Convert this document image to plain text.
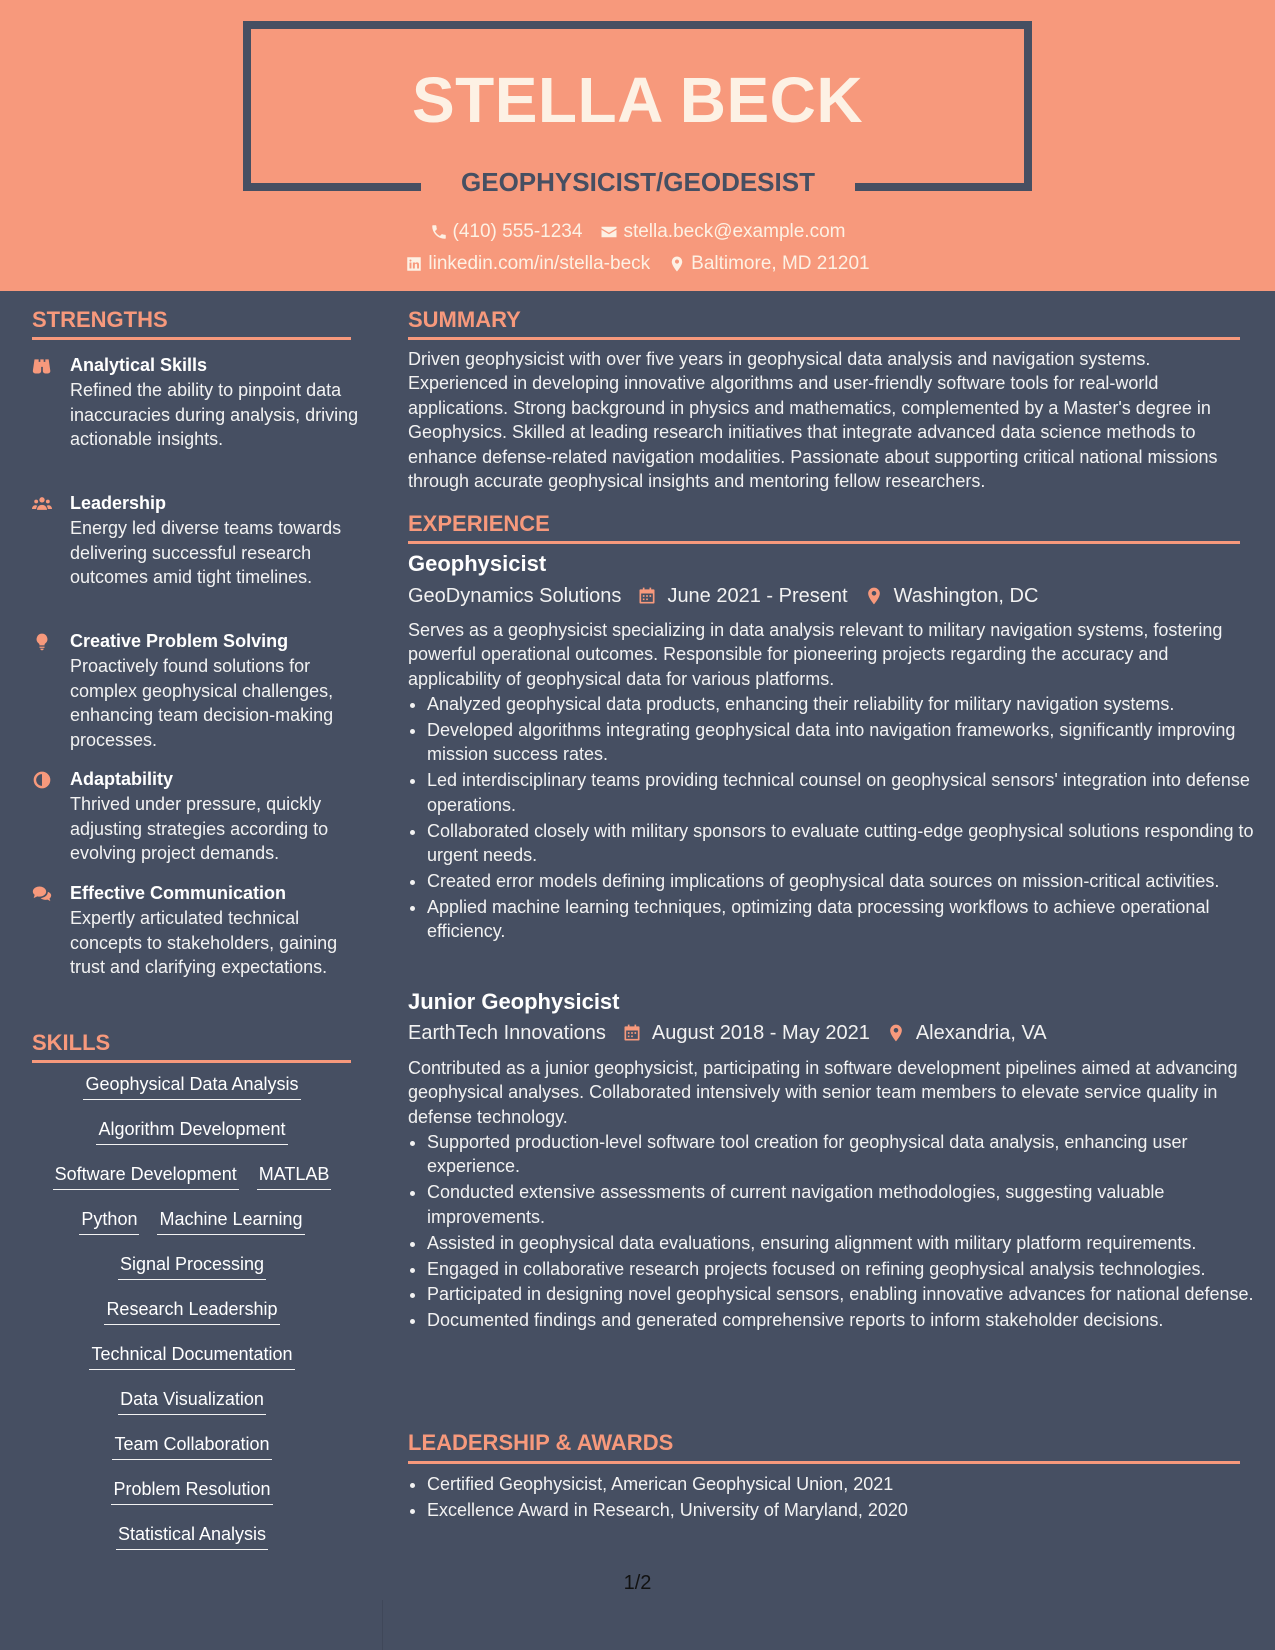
STELLA BECK
GEOPHYSICIST/GEODESIST
(410) 555-1234 stella.beck@example.com
linkedin.com/in/stella-beck Baltimore, MD 21201
STRENGTHS
Analytical Skills
Refined the ability to pinpoint data inaccuracies during analysis, driving actionable insights.
Leadership
Energy led diverse teams towards delivering successful research outcomes amid tight timelines.
Creative Problem Solving
Proactively found solutions for complex geophysical challenges, enhancing team decision-making processes.
Adaptability
Thrived under pressure, quickly adjusting strategies according to evolving project demands.
Effective Communication
Expertly articulated technical concepts to stakeholders, gaining trust and clarifying expectations.
SKILLS
Geophysical Data Analysis
Algorithm Development
Software Development MATLAB
Python Machine Learning
Signal Processing
Research Leadership
Technical Documentation
Data Visualization
Team Collaboration
Problem Resolution
Statistical Analysis
SUMMARY
Driven geophysicist with over five years in geophysical data analysis and navigation systems. Experienced in developing innovative algorithms and user-friendly software tools for real-world applications. Strong background in physics and mathematics, complemented by a Master's degree in Geophysics. Skilled at leading research initiatives that integrate advanced data science methods to enhance defense-related navigation modalities. Passionate about supporting critical national missions through accurate geophysical insights and mentoring fellow researchers.
EXPERIENCE
Geophysicist
GeoDynamics Solutions June 2021 - Present Washington, DC
Serves as a geophysicist specializing in data analysis relevant to military navigation systems, fostering powerful operational outcomes. Responsible for pioneering projects regarding the accuracy and applicability of geophysical data for various platforms.
• Analyzed geophysical data products, enhancing their reliability for military navigation systems.
• Developed algorithms integrating geophysical data into navigation frameworks, significantly improving mission success rates.
• Led interdisciplinary teams providing technical counsel on geophysical sensors' integration into defense operations.
• Collaborated closely with military sponsors to evaluate cutting-edge geophysical solutions responding to urgent needs.
• Created error models defining implications of geophysical data sources on mission-critical activities.
• Applied machine learning techniques, optimizing data processing workflows to achieve operational efficiency.
Junior Geophysicist
EarthTech Innovations August 2018 - May 2021 Alexandria, VA
Contributed as a junior geophysicist, participating in software development pipelines aimed at advancing geophysical analyses. Collaborated intensively with senior team members to elevate service quality in defense technology.
• Supported production-level software tool creation for geophysical data analysis, enhancing user experience.
• Conducted extensive assessments of current navigation methodologies, suggesting valuable improvements.
• Assisted in geophysical data evaluations, ensuring alignment with military platform requirements.
• Engaged in collaborative research projects focused on refining geophysical analysis technologies.
• Participated in designing novel geophysical sensors, enabling innovative advances for national defense.
• Documented findings and generated comprehensive reports to inform stakeholder decisions.
LEADERSHIP & AWARDS
• Certified Geophysicist, American Geophysical Union, 2021
• Excellence Award in Research, University of Maryland, 2020
1/2
